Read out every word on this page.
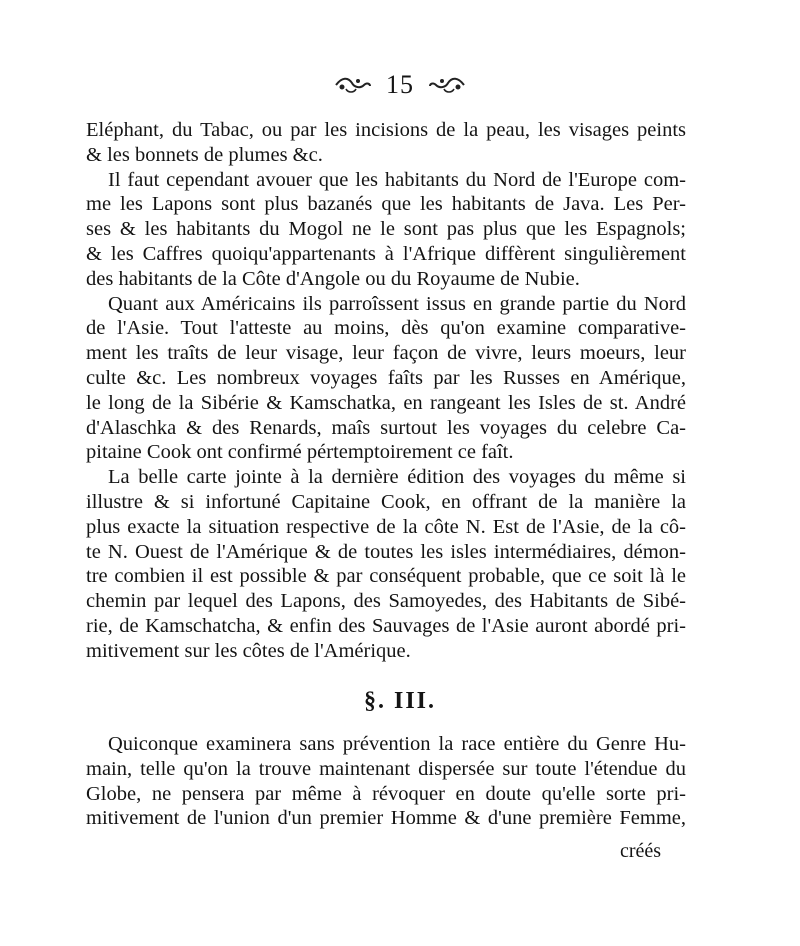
15
Eléphant, du Tabac, ou par les incisions de la peau, les visages peints
& les bonnets de plumes &c.
Il faut cependant avouer que les habitants du Nord de l'Europe com-
me les Lapons sont plus bazanés que les habitants de Java. Les Per-
ses & les habitants du Mogol ne le sont pas plus que les Espagnols;
& les Caffres quoiqu'appartenants à l'Afrique diffèrent singulièrement
des habitants de la Côte d'Angole ou du Royaume de Nubie.
Quant aux Américains ils parroîssent issus en grande partie du Nord
de l'Asie. Tout l'atteste au moins, dès qu'on examine comparative-
ment les traîts de leur visage, leur façon de vivre, leurs moeurs, leur
culte &c. Les nombreux voyages faîts par les Russes en Amérique,
le long de la Sibérie & Kamschatka, en rangeant les Isles de st. André
d'Alaschka & des Renards, maîs surtout les voyages du celebre Ca-
pitaine Cook ont confirmé pértemptoirement ce faît.
La belle carte jointe à la dernière édition des voyages du même si
illustre & si infortuné Capitaine Cook, en offrant de la manière la
plus exacte la situation respective de la côte N. Est de l'Asie, de la cô-
te N. Ouest de l'Amérique & de toutes les isles intermédiaires, démon-
tre combien il est possible & par conséquent probable, que ce soit là le
chemin par lequel des Lapons, des Samoyedes, des Habitants de Sibé-
rie, de Kamschatcha, & enfin des Sauvages de l'Asie auront abordé pri-
mitivement sur les côtes de l'Amérique.
§. III.
Quiconque examinera sans prévention la race entière du Genre Hu-
main, telle qu'on la trouve maintenant dispersée sur toute l'étendue du
Globe, ne pensera par même à révoquer en doute qu'elle sorte pri-
mitivement de l'union d'un premier Homme & d'une première Femme,
créés
